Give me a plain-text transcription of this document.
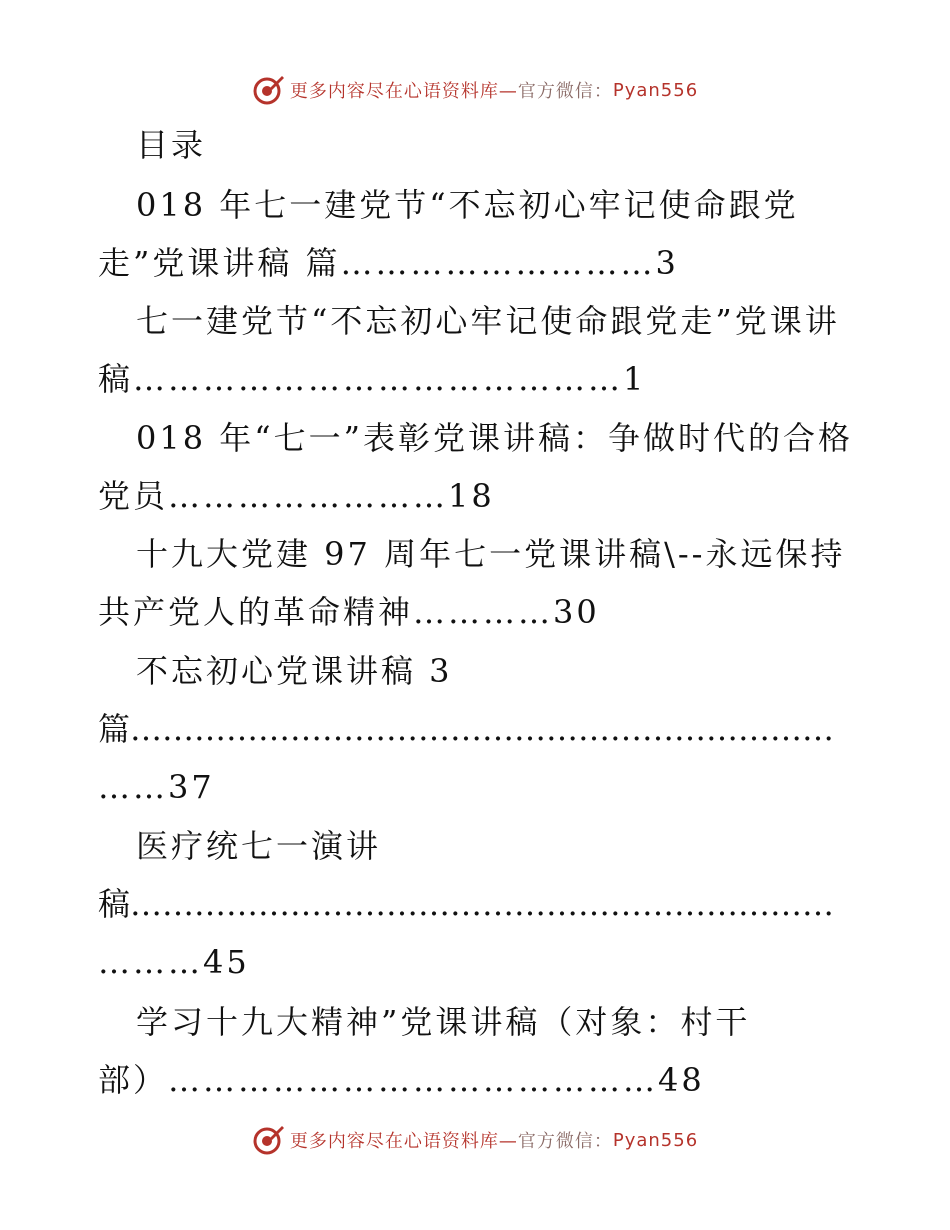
更多内容尽在心语资料库— 官方微信： Pyan556
目录
018 年七一建党节“不忘初心牢记使命跟党
走”党课讲稿 篇………………………3
七一建党节“不忘初心牢记使命跟党走”党课讲
稿……………………………………1
018 年“七一”表彰党课讲稿：争做时代的合格
党员……………………18
十九大党建 97 周年七一党课讲稿\--永远保持
共产党人的革命精神…………30
不忘初心党课讲稿 3
篇…………………………………………………………
……37
医疗统七一演讲
稿…………………………………………………………
………45
学习十九大精神”党课讲稿（对象：村干
部）……………………………………48
更多内容尽在心语资料库— 官方微信： Pyan556
